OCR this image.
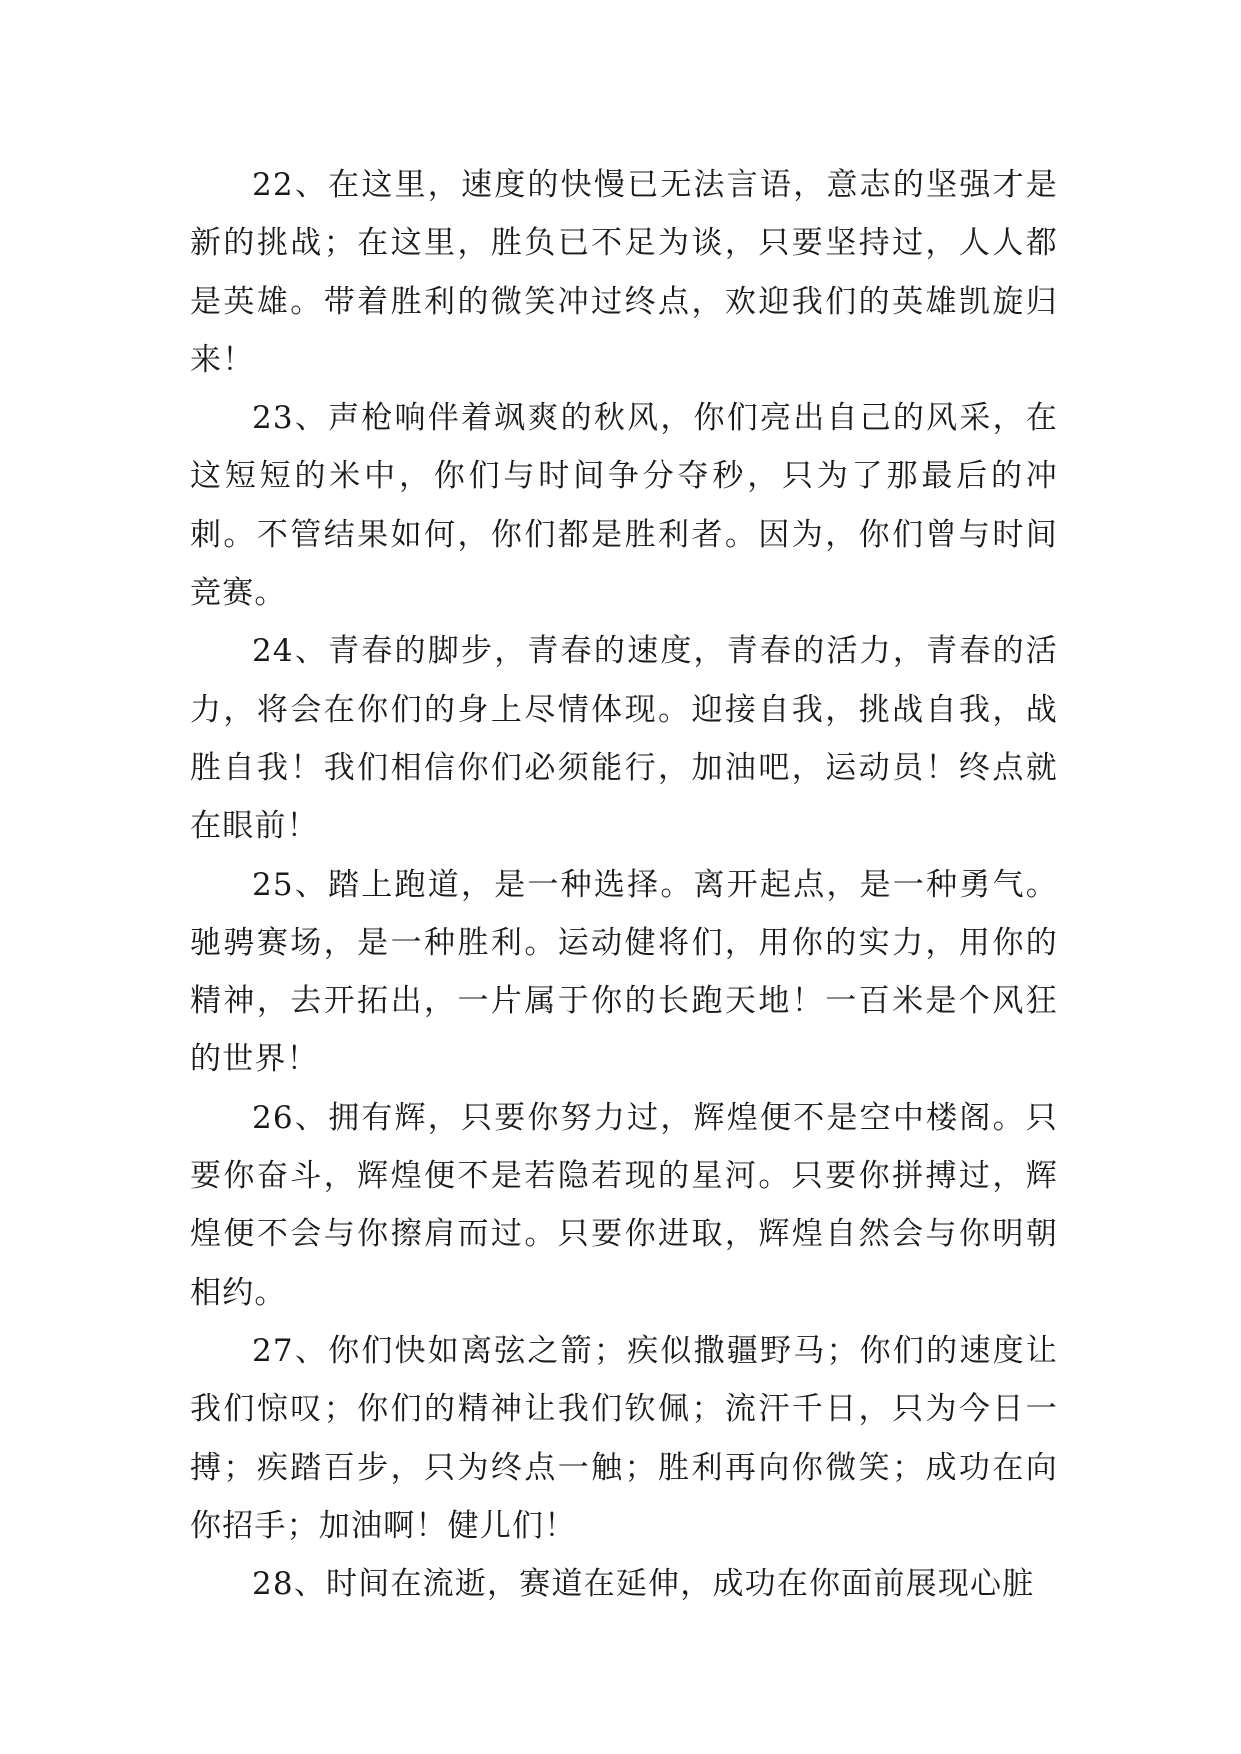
22、在这里，速度的快慢已无法言语，意志的坚强才是新的挑战；在这里，胜负已不足为谈，只要坚持过，人人都是英雄。带着胜利的微笑冲过终点，欢迎我们的英雄凯旋归来！

23、声枪响伴着飒爽的秋风，你们亮出自己的风采，在这短短的米中，你们与时间争分夺秒，只为了那最后的冲刺。不管结果如何，你们都是胜利者。因为，你们曾与时间竞赛。

24、青春的脚步，青春的速度，青春的活力，青春的活力，将会在你们的身上尽情体现。迎接自我，挑战自我，战胜自我！我们相信你们必须能行，加油吧，运动员！终点就在眼前！

25、踏上跑道，是一种选择。离开起点，是一种勇气。驰骋赛场，是一种胜利。运动健将们，用你的实力，用你的精神，去开拓出，一片属于你的长跑天地！一百米是个风狂的世界！

26、拥有辉，只要你努力过，辉煌便不是空中楼阁。只要你奋斗，辉煌便不是若隐若现的星河。只要你拼搏过，辉煌便不会与你擦肩而过。只要你进取，辉煌自然会与你明朝相约。

27、你们快如离弦之箭；疾似撒疆野马；你们的速度让我们惊叹；你们的精神让我们钦佩；流汗千日，只为今日一搏；疾踏百步，只为终点一触；胜利再向你微笑；成功在向你招手；加油啊！健儿们！

28、时间在流逝，赛道在延伸，成功在你面前展现心脏
